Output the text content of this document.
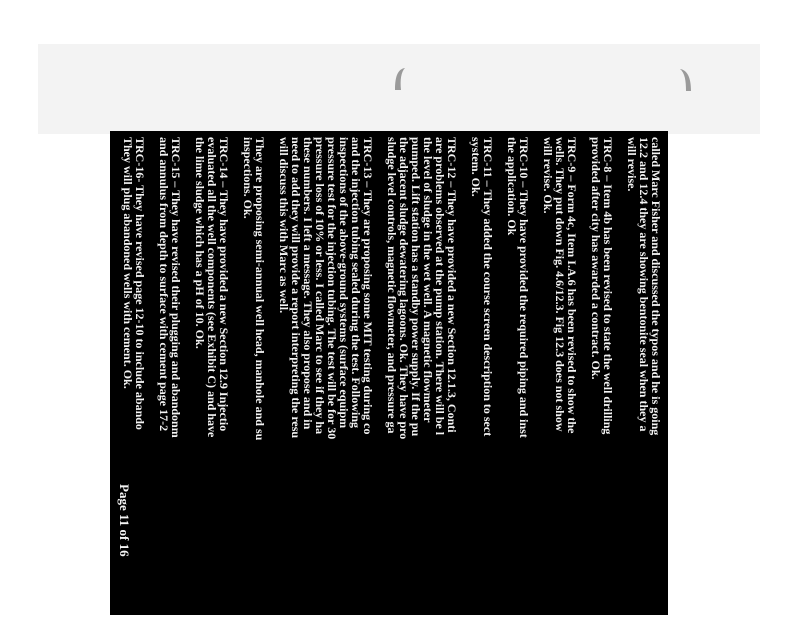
called Marc Fisher and discussed the typos and he is going
12.2 and 12.4 they are showing bentonite seal when they a
will revise.
TRC-8 – Item 4b has been revised to state the well drilling
provided after city has awarded a contract. Ok.
TRC-9 – Form 4c, Item I.A.6 has been revised to show the
wells. They put down Fig. 4.6/12.3. Fig 12.3 does not show
will revise. Ok.
TRC-10 – They have provided the required piping and inst
the application. Ok
TRC-11 – They added the course screen description to sect
system. Ok.
TRC-12 – They have provided a new Section 12.1.3, Conti
are problems observed at the pump station. There will be l
the level of sludge in the wet well. A magnetic flowmeter
pumped. Lift station has a standby power supply. If the pu
the adjacent sludge dewatering lagoons. Ok. They have pro
sludge level controls, magnetic flowmeter, and pressure ga
TRC-13 – They are proposing some MIT testing during co
and the injection tubing sealed during the test. Following
inspections of the above-ground systems (surface equipm
pressure test for the injection tubing. The test will be for 30
pressure loss of 10% or less. I called Marc to see if they ha
these numbers. I left a message. They also propose and in
need to add they will provide a report interpreting the resu
will discuss this with Marc as well.
They are proposing semi-annual well head, manhole and su
inspections. Ok.
TRC-14 – They have provided a new Section 12.9 Injectio
evaluated all the well components (see Exhibit C) and have
the lime sludge which has a pH of 10. Ok.
TRC-15 – They have revised their plugging and abandonm
and annulus from depth to surface with cement page 17-2
TRC-16- They have revised page 12-10 to include abando
They will plug abandoned wells with cement. Ok.
Page 11 of 16
